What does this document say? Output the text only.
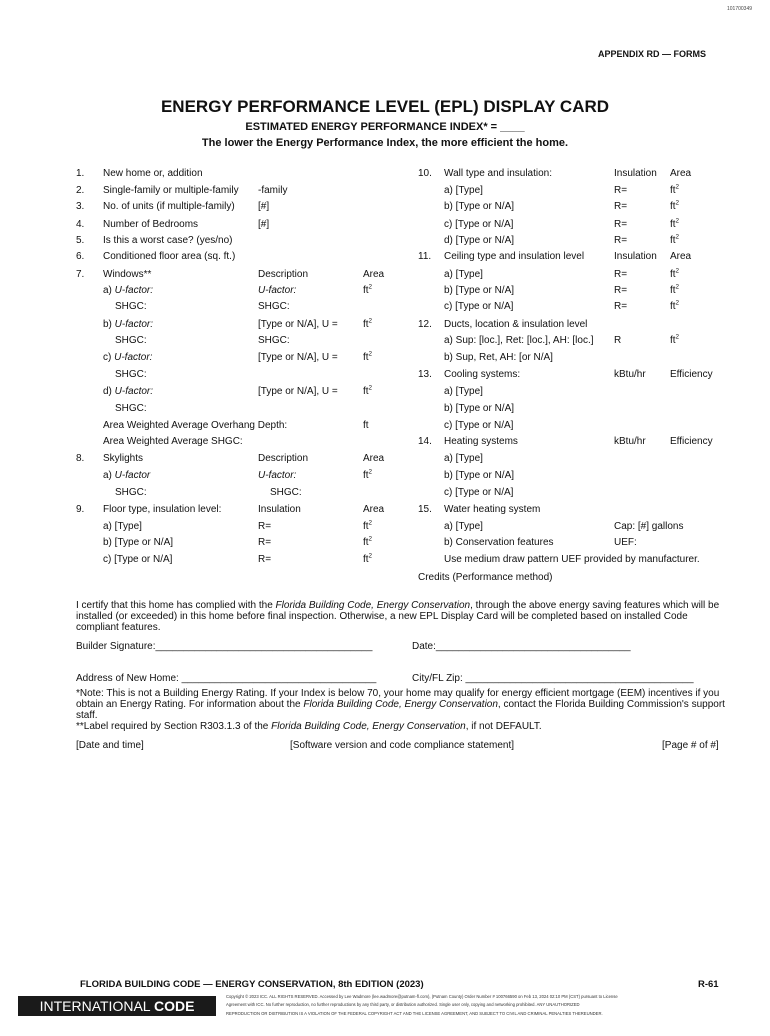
101700349
APPENDIX RD — FORMS
ENERGY PERFORMANCE LEVEL (EPL) DISPLAY CARD
ESTIMATED ENERGY PERFORMANCE INDEX* = ____
The lower the Energy Performance Index, the more efficient the home.
1. New home or, addition
2. Single-family or multiple-family -family
3. No. of units (if multiple-family) [#]
4. Number of Bedrooms	[#]
5. Is this a worst case? (yes/no)
6. Conditioned floor area (sq. ft.)
7. Windows**	Description	Area
a) U-factor:	U-factor:	$ft^2$
SHGC:	SHGC:
b) U-factor:	[Type or N/A], U =	$ft^2$
SHGC:	SHGC:
c) U-factor:	[Type or N/A], U =	$ft^2$
SHGC:
d) U-factor:	[Type or N/A], U =	$ft^2$
SHGC:
Area Weighted Average Overhang Depth:	ft
Area Weighted Average SHGC:
8. Skylights	Description	Area
a) U-factor	U-factor:	$ft^2$
SHGC:	SHGC:
9. Floor type, insulation level:	Insulation	Area
a) [Type]	R=	$ft^2$
b) [Type or N/A]	R=	$ft^2$
c) [Type or N/A]	R=	$ft^2$
10. Wall type and insulation:	Insulation Area
a) [Type]	R=	$ft^2$
b) [Type or N/A]	R=	$ft^2$
c) [Type or N/A]	R=	$ft^2$
d) [Type or N/A]	R=	$ft^2$
11. Ceiling type and insulation level	Insulation Area
a) [Type]	R=	$ft^2$
b) [Type or N/A]	R=	$ft^2$
c) [Type or N/A]	R=	$ft^2$
12. Ducts, location & insulation level
a) Sup: [loc.], Ret: [loc.], AH: [loc.] R	$ft^2$
b) Sup, Ret, AH: [or N/A]
13. Cooling systems:	kBtu/hr Efficiency
a) [Type]
b) [Type or N/A]
c) [Type or N/A]
14. Heating systems	kBtu/hr Efficiency
a) [Type]
b) [Type or N/A]
c) [Type or N/A]
15. Water heating system
a) [Type]	Cap: [#] gallons
b) Conservation features	UEF:
Use medium draw pattern UEF provided by manufacturer.
Credits (Performance method)
I certify that this home has complied with the Florida Building Code, Energy Conservation, through the above energy saving features which will be installed (or exceeded) in this home before final inspection. Otherwise, a new EPL Display Card will be completed based on installed Code compliant features.
Builder Signature:_______________________________________	Date:___________________________________
Address of New Home: ___________________________________	City/FL Zip: _________________________________________
*Note: This is not a Building Energy Rating. If your Index is below 70, your home may qualify for energy efficient mortgage (EEM) incentives if you obtain an Energy Rating. For information about the Florida Building Code, Energy Conservation, contact the Florida Building Commission's support staff.
**Label required by Section R303.1.3 of the Florida Building Code, Energy Conservation, if not DEFAULT.
[Date and time]	[Software version and code compliance statement]	[Page # of #]
FLORIDA BUILDING CODE — ENERGY CONSERVATION, 8th EDITION (2023)	R-61
INTERNATIONAL CODE COUNCIL
Copyright © 2023 ICC. ALL RIGHTS RESERVED. Accessed by Lee Wadmore (lee.wadmore@putnam-fl.com), (Putnam County) Order Number # 100766590 on Feb 13, 2024 02:10 PM (CST) pursuant to License
Agreement with ICC. No further reproduction, no further reproductions by any third party, or distribution authorized. Single user only, copying and networking prohibited. ANY UNAUTHORIZED
REPRODUCTION OR DISTRIBUTION IS A VIOLATION OF THE FEDERAL COPYRIGHT ACT AND THE LICENSE AGREEMENT, AND SUBJECT TO CIVIL AND CRIMINAL PENALTIES THEREUNDER.
